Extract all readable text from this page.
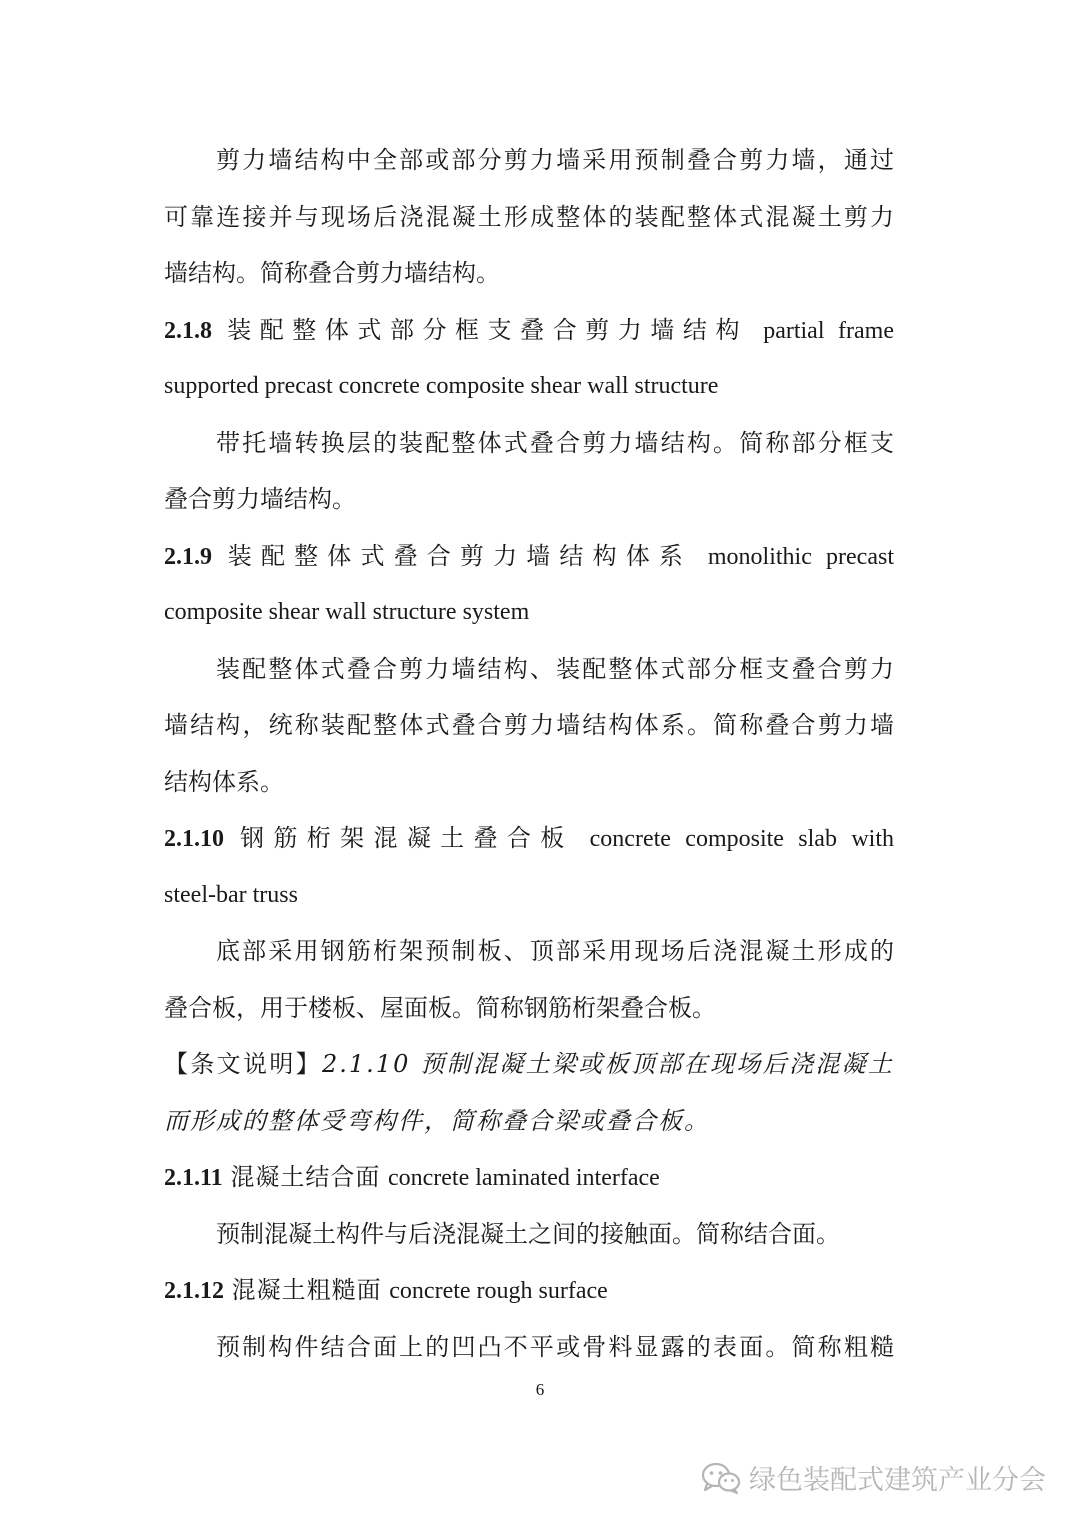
剪力墙结构中全部或部分剪力墙采用预制叠合剪力墙，通过
可靠连接并与现场后浇混凝土形成整体的装配整体式混凝土剪力
墙结构。简称叠合剪力墙结构。
2.1.8 装配整体式部分框支叠合剪力墙结构 partial frame
supported precast concrete composite shear wall structure
带托墙转换层的装配整体式叠合剪力墙结构。简称部分框支
叠合剪力墙结构。
2.1.9 装配整体式叠合剪力墙结构体系 monolithic precast
composite shear wall structure system
装配整体式叠合剪力墙结构、装配整体式部分框支叠合剪力
墙结构，统称装配整体式叠合剪力墙结构体系。简称叠合剪力墙
结构体系。
2.1.10 钢筋桁架混凝土叠合板 concrete composite slab with
steel-bar truss
底部采用钢筋桁架预制板、顶部采用现场后浇混凝土形成的
叠合板，用于楼板、屋面板。简称钢筋桁架叠合板。
【条文说明】2.1.10 预制混凝土梁或板顶部在现场后浇混凝土
而形成的整体受弯构件，简称叠合梁或叠合板。
2.1.11 混凝土结合面 concrete laminated interface
预制混凝土构件与后浇混凝土之间的接触面。简称结合面。
2.1.12 混凝土粗糙面 concrete rough surface
预制构件结合面上的凹凸不平或骨料显露的表面。简称粗糙
6
绿色装配式建筑产业分会
